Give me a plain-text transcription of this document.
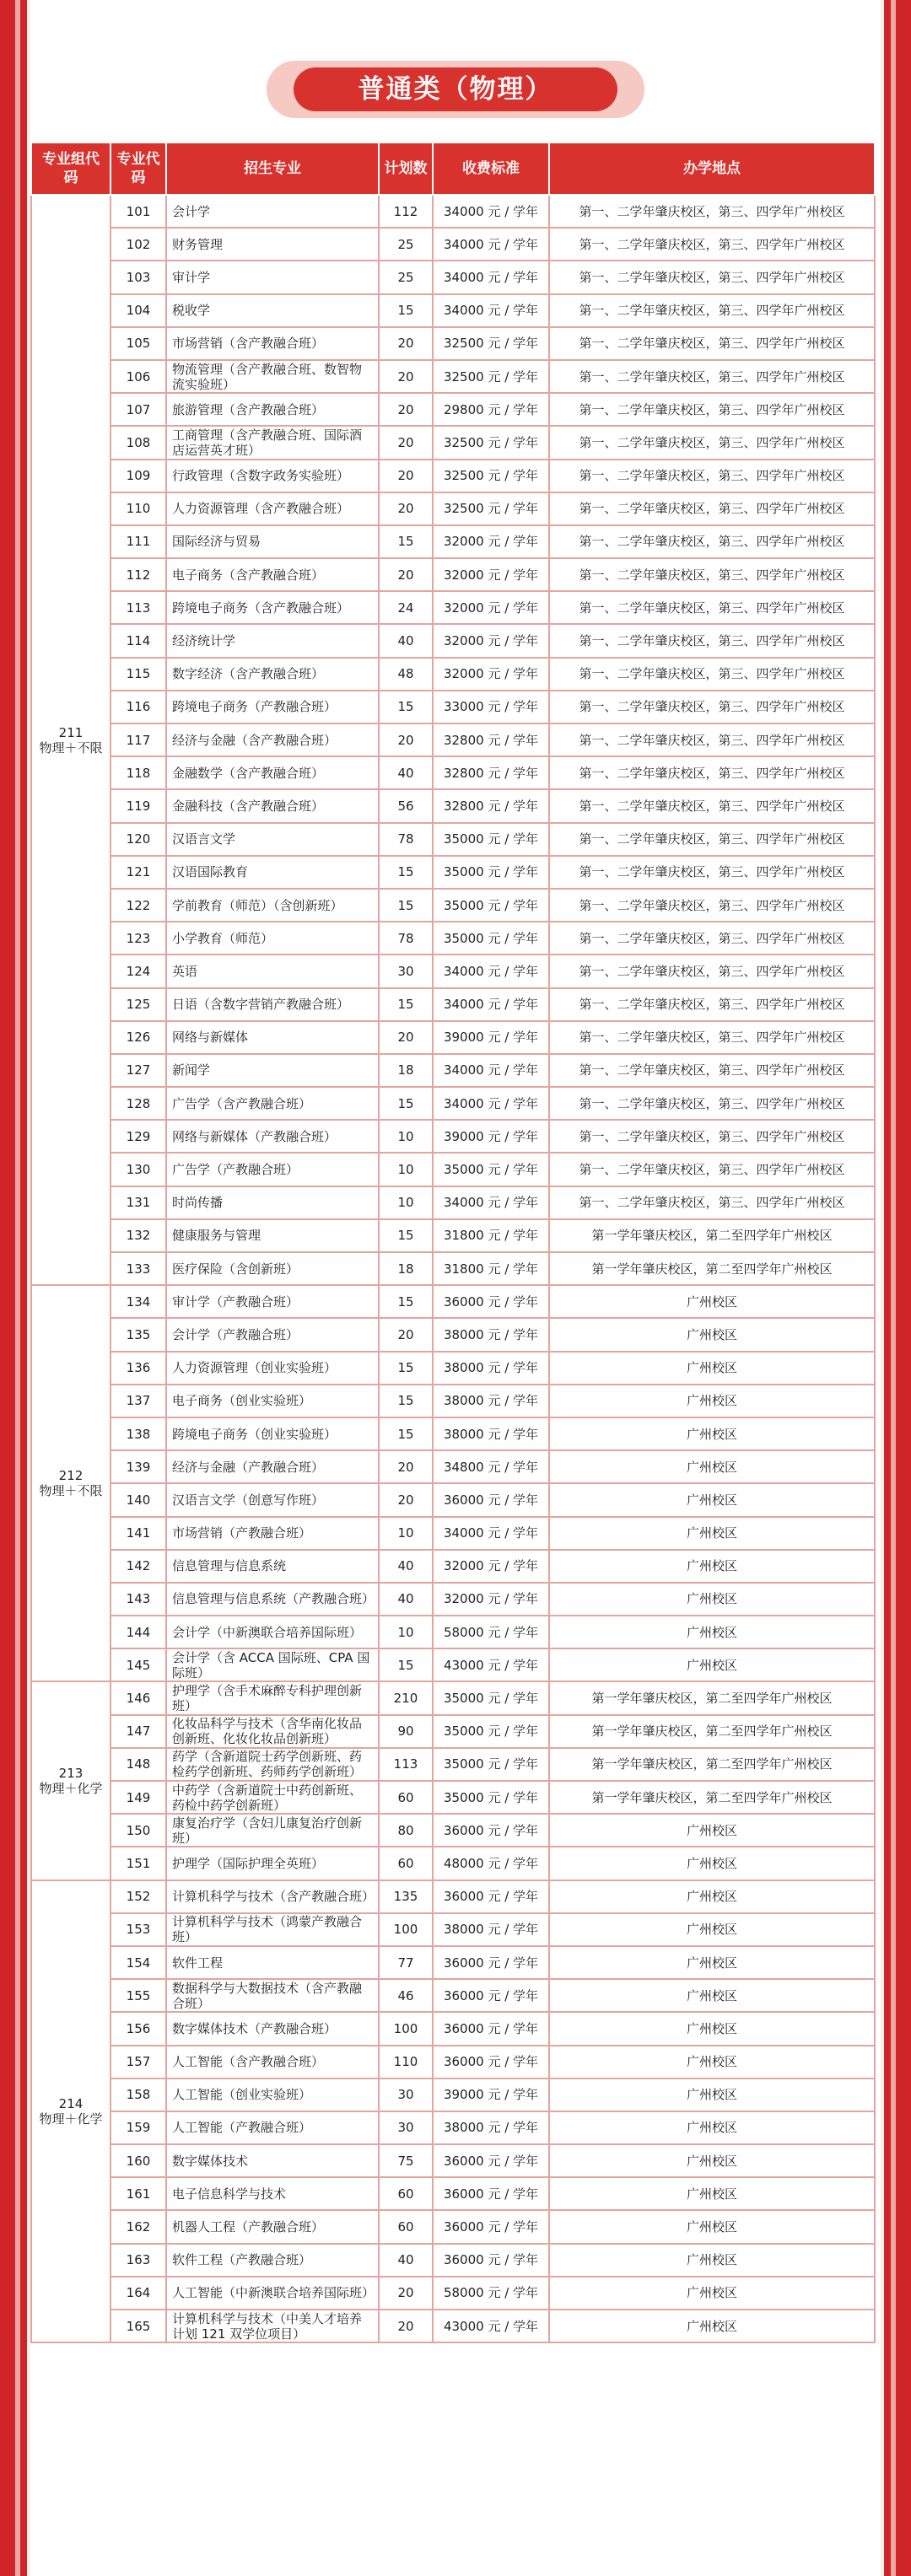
普通类（物理）
专业组代码	专业代码	招生专业	计划数	收费标准	办学地点

211
物理＋不限	101	会计学	112	34000 元 / 学年	第一、二学年肇庆校区，第三、四学年广州校区
	102	财务管理	25	34000 元 / 学年	第一、二学年肇庆校区，第三、四学年广州校区
	103	审计学	25	34000 元 / 学年	第一、二学年肇庆校区，第三、四学年广州校区
	104	税收学	15	34000 元 / 学年	第一、二学年肇庆校区，第三、四学年广州校区
	105	市场营销（含产教融合班）	20	32500 元 / 学年	第一、二学年肇庆校区，第三、四学年广州校区
	106	物流管理（含产教融合班、数智物流实验班）	20	32500 元 / 学年	第一、二学年肇庆校区，第三、四学年广州校区
	107	旅游管理（含产教融合班）	20	29800 元 / 学年	第一、二学年肇庆校区，第三、四学年广州校区
	108	工商管理（含产教融合班、国际酒店运营英才班）	20	32500 元 / 学年	第一、二学年肇庆校区，第三、四学年广州校区
	109	行政管理（含数字政务实验班）	20	32500 元 / 学年	第一、二学年肇庆校区，第三、四学年广州校区
	110	人力资源管理（含产教融合班）	20	32500 元 / 学年	第一、二学年肇庆校区，第三、四学年广州校区
	111	国际经济与贸易	15	32000 元 / 学年	第一、二学年肇庆校区，第三、四学年广州校区
	112	电子商务（含产教融合班）	20	32000 元 / 学年	第一、二学年肇庆校区，第三、四学年广州校区
	113	跨境电子商务（含产教融合班）	24	32000 元 / 学年	第一、二学年肇庆校区，第三、四学年广州校区
	114	经济统计学	40	32000 元 / 学年	第一、二学年肇庆校区，第三、四学年广州校区
	115	数字经济（含产教融合班）	48	32000 元 / 学年	第一、二学年肇庆校区，第三、四学年广州校区
	116	跨境电子商务（产教融合班）	15	33000 元 / 学年	第一、二学年肇庆校区，第三、四学年广州校区
	117	经济与金融（含产教融合班）	20	32800 元 / 学年	第一、二学年肇庆校区，第三、四学年广州校区
	118	金融数学（含产教融合班）	40	32800 元 / 学年	第一、二学年肇庆校区，第三、四学年广州校区
	119	金融科技（含产教融合班）	56	32800 元 / 学年	第一、二学年肇庆校区，第三、四学年广州校区
	120	汉语言文学	78	35000 元 / 学年	第一、二学年肇庆校区，第三、四学年广州校区
	121	汉语国际教育	15	35000 元 / 学年	第一、二学年肇庆校区，第三、四学年广州校区
	122	学前教育（师范）（含创新班）	15	35000 元 / 学年	第一、二学年肇庆校区，第三、四学年广州校区
	123	小学教育（师范）	78	35000 元 / 学年	第一、二学年肇庆校区，第三、四学年广州校区
	124	英语	30	34000 元 / 学年	第一、二学年肇庆校区，第三、四学年广州校区
	125	日语（含数字营销产教融合班）	15	34000 元 / 学年	第一、二学年肇庆校区，第三、四学年广州校区
	126	网络与新媒体	20	39000 元 / 学年	第一、二学年肇庆校区，第三、四学年广州校区
	127	新闻学	18	34000 元 / 学年	第一、二学年肇庆校区，第三、四学年广州校区
	128	广告学（含产教融合班）	15	34000 元 / 学年	第一、二学年肇庆校区，第三、四学年广州校区
	129	网络与新媒体（产教融合班）	10	39000 元 / 学年	第一、二学年肇庆校区，第三、四学年广州校区
	130	广告学（产教融合班）	10	35000 元 / 学年	第一、二学年肇庆校区，第三、四学年广州校区
	131	时尚传播	10	34000 元 / 学年	第一、二学年肇庆校区，第三、四学年广州校区
	132	健康服务与管理	15	31800 元 / 学年	第一学年肇庆校区，第二至四学年广州校区
	133	医疗保险（含创新班）	18	31800 元 / 学年	第一学年肇庆校区，第二至四学年广州校区

212
物理＋不限	134	审计学（产教融合班）	15	36000 元 / 学年	广州校区
	135	会计学（产教融合班）	20	38000 元 / 学年	广州校区
	136	人力资源管理（创业实验班）	15	38000 元 / 学年	广州校区
	137	电子商务（创业实验班）	15	38000 元 / 学年	广州校区
	138	跨境电子商务（创业实验班）	15	38000 元 / 学年	广州校区
	139	经济与金融（产教融合班）	20	34800 元 / 学年	广州校区
	140	汉语言文学（创意写作班）	20	36000 元 / 学年	广州校区
	141	市场营销（产教融合班）	10	34000 元 / 学年	广州校区
	142	信息管理与信息系统	40	32000 元 / 学年	广州校区
	143	信息管理与信息系统（产教融合班）	40	32000 元 / 学年	广州校区
	144	会计学（中新澳联合培养国际班）	10	58000 元 / 学年	广州校区
	145	会计学（含 ACCA 国际班、CPA 国际班）	15	43000 元 / 学年	广州校区

213
物理＋化学	146	护理学（含手术麻醉专科护理创新班）	210	35000 元 / 学年	第一学年肇庆校区，第二至四学年广州校区
	147	化妆品科学与技术（含华南化妆品创新班、化妆化妆品创新班）	90	35000 元 / 学年	第一学年肇庆校区，第二至四学年广州校区
	148	药学（含新道院士药学创新班、药检药学创新班、药师药学创新班）	113	35000 元 / 学年	第一学年肇庆校区，第二至四学年广州校区
	149	中药学（含新道院士中药创新班、药检中药学创新班）	60	35000 元 / 学年	第一学年肇庆校区，第二至四学年广州校区
	150	康复治疗学（含妇儿康复治疗创新班）	80	36000 元 / 学年	广州校区
	151	护理学（国际护理全英班）	60	48000 元 / 学年	广州校区

214
物理＋化学	152	计算机科学与技术（含产教融合班）	135	36000 元 / 学年	广州校区
	153	计算机科学与技术（鸿蒙产教融合班）	100	38000 元 / 学年	广州校区
	154	软件工程	77	36000 元 / 学年	广州校区
	155	数据科学与大数据技术（含产教融合班）	46	36000 元 / 学年	广州校区
	156	数字媒体技术（产教融合班）	100	36000 元 / 学年	广州校区
	157	人工智能（含产教融合班）	110	36000 元 / 学年	广州校区
	158	人工智能（创业实验班）	30	39000 元 / 学年	广州校区
	159	人工智能（产教融合班）	30	38000 元 / 学年	广州校区
	160	数字媒体技术	75	36000 元 / 学年	广州校区
	161	电子信息科学与技术	60	36000 元 / 学年	广州校区
	162	机器人工程（产教融合班）	60	36000 元 / 学年	广州校区
	163	软件工程（产教融合班）	40	36000 元 / 学年	广州校区
	164	人工智能（中新澳联合培养国际班）	20	58000 元 / 学年	广州校区
	165	计算机科学与技术（中美人才培养计划 121 双学位项目）	20	43000 元 / 学年	广州校区
